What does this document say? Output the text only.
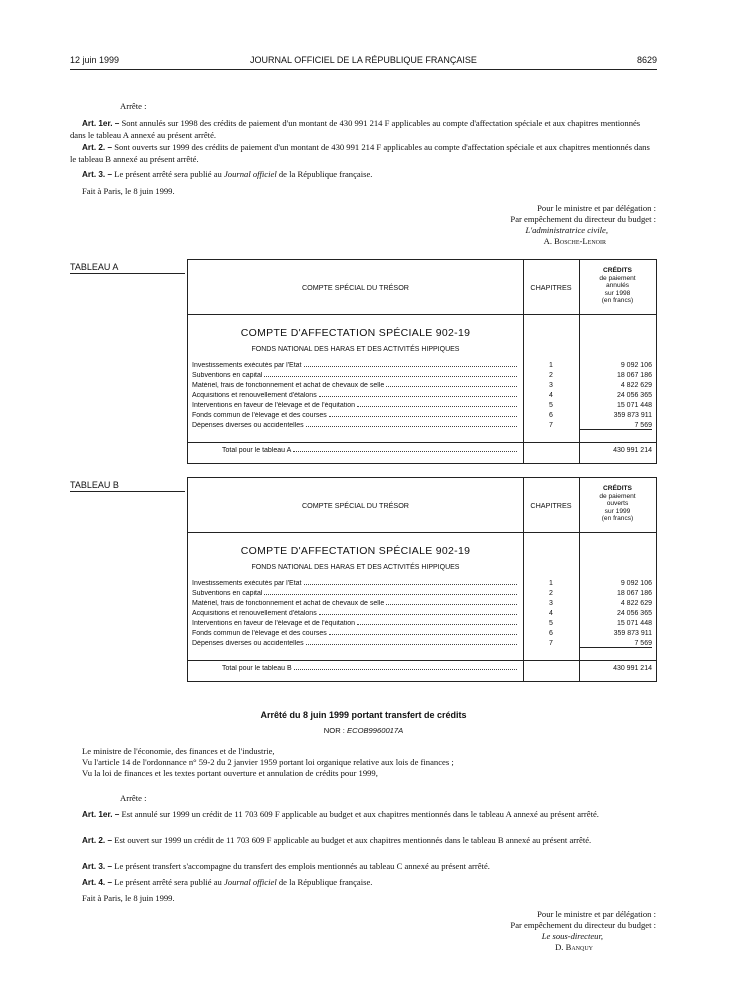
12 juin 1999	JOURNAL OFFICIEL DE LA RÉPUBLIQUE FRANÇAISE	8629
Arrête :
Art. 1er. – Sont annulés sur 1998 des crédits de paiement d'un montant de 430 991 214 F applicables au compte d'affectation spéciale et aux chapitres mentionnés dans le tableau A annexé au présent arrêté.
Art. 2. – Sont ouverts sur 1999 des crédits de paiement d'un montant de 430 991 214 F applicables au compte d'affectation spéciale et aux chapitres mentionnés dans le tableau B annexé au présent arrêté.
Art. 3. – Le présent arrêté sera publié au Journal officiel de la République française.
Fait à Paris, le 8 juin 1999.
Pour le ministre et par délégation :
Par empêchement du directeur du budget :
L'administratrice civile,
A. Bosche-Lenoir
TABLEAU A
COMPTE SPÉCIAL DU TRÉSOR	CHAPITRES
CRÉDITS
de paiement
annulés
sur 1998
(en francs)
COMPTE D'AFFECTATION SPÉCIALE 902-19
FONDS NATIONAL DES HARAS ET DES ACTIVITÉS HIPPIQUES
Investissements exécutés par l'État	1	9 092 106
Subventions en capital	2	18 067 186
Matériel, frais de fonctionnement et achat de chevaux de selle	3	4 822 629
Acquisitions et renouvellement d'étalons	4	24 056 365
Interventions en faveur de l'élevage et de l'équitation	5	15 071 448
Fonds commun de l'élevage et des courses	6	359 873 911
Dépenses diverses ou accidentelles	7	7 569
Total pour le tableau A	430 991 214
TABLEAU B
COMPTE SPÉCIAL DU TRÉSOR	CHAPITRES
CRÉDITS
de paiement
ouverts
sur 1999
(en francs)
COMPTE D'AFFECTATION SPÉCIALE 902-19
FONDS NATIONAL DES HARAS ET DES ACTIVITÉS HIPPIQUES
Investissements exécutés par l'État	1	9 092 106
Subventions en capital	2	18 067 186
Matériel, frais de fonctionnement et achat de chevaux de selle	3	4 822 629
Acquisitions et renouvellement d'étalons	4	24 056 365
Interventions en faveur de l'élevage et de l'équitation	5	15 071 448
Fonds commun de l'élevage et des courses	6	359 873 911
Dépenses diverses ou accidentelles	7	7 569
Total pour le tableau B	430 991 214
Arrêté du 8 juin 1999 portant transfert de crédits
NOR : ECOB9960017A
Le ministre de l'économie, des finances et de l'industrie,
Vu l'article 14 de l'ordonnance n° 59-2 du 2 janvier 1959 portant loi organique relative aux lois de finances ;
Vu la loi de finances et les textes portant ouverture et annulation de crédits pour 1999,
Arrête :
Art. 1er. – Est annulé sur 1999 un crédit de 11 703 609 F applicable au budget et aux chapitres mentionnés dans le tableau A annexé au présent arrêté.
Art. 2. – Est ouvert sur 1999 un crédit de 11 703 609 F applicable au budget et aux chapitres mentionnés dans le tableau B annexé au présent arrêté.
Art. 3. – Le présent transfert s'accompagne du transfert des emplois mentionnés au tableau C annexé au présent arrêté.
Art. 4. – Le présent arrêté sera publié au Journal officiel de la République française.
Fait à Paris, le 8 juin 1999.
Pour le ministre et par délégation :
Par empêchement du directeur du budget :
Le sous-directeur,
D. Banquy
